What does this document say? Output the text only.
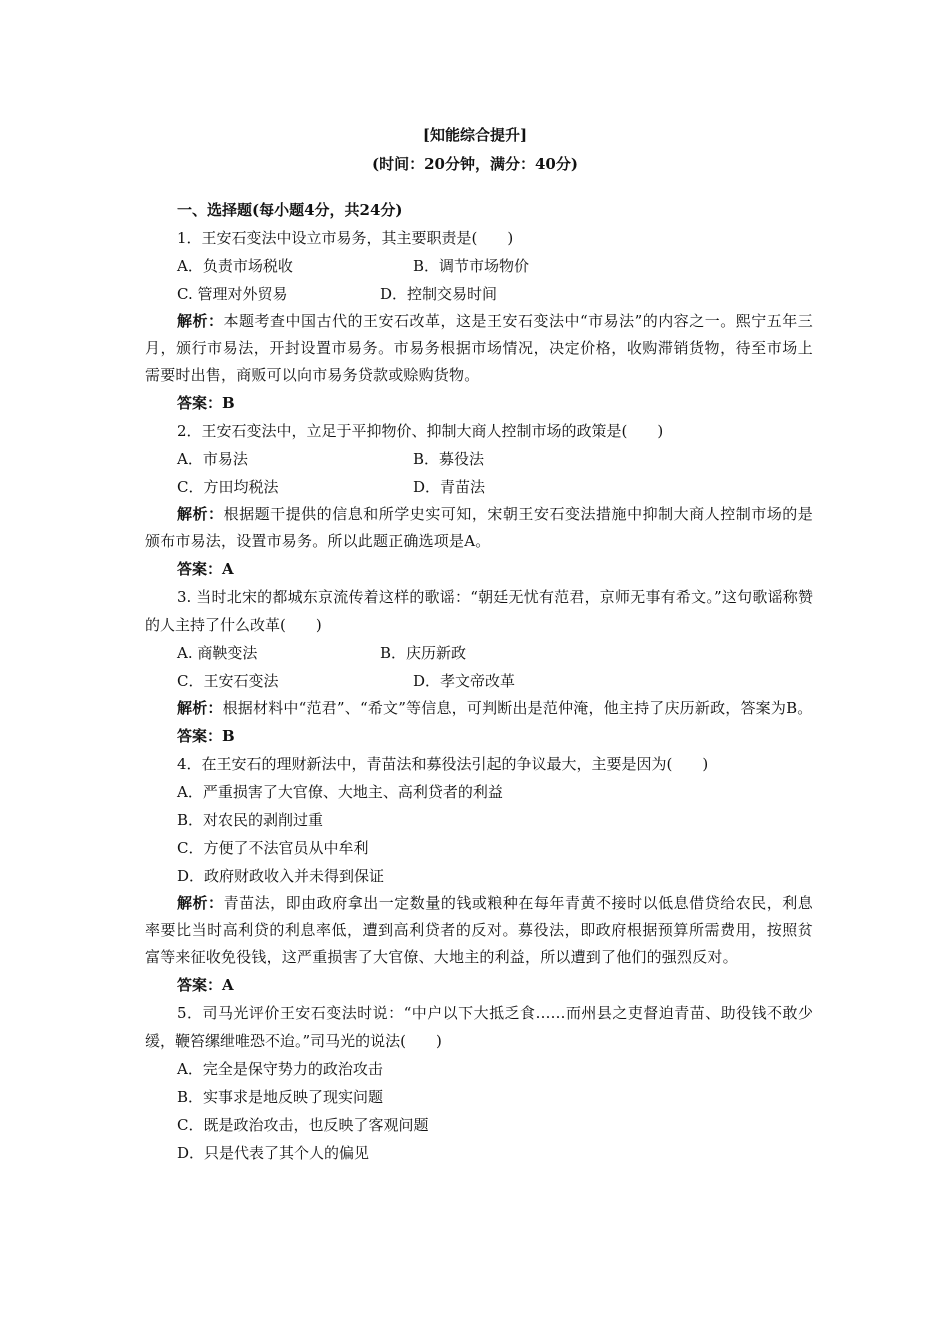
[知能综合提升]
(时间：20分钟，满分：40分)
一、选择题(每小题4分，共24分)
1．王安石变法中设立市易务，其主要职责是(　　)
A．负责市场税收	B．调节市场物价
C. 管理对外贸易	D．控制交易时间
解析：本题考查中国古代的王安石改革，这是王安石变法中“市易法”的内容之一。熙宁五年三月，颁行市易法，开封设置市易务。市易务根据市场情况，决定价格，收购滞销货物，待至市场上需要时出售，商贩可以向市易务贷款或赊购货物。
答案：B
2．王安石变法中，立足于平抑物价、抑制大商人控制市场的政策是(　　)
A．市易法	B．募役法
C．方田均税法	D．青苗法
解析：根据题干提供的信息和所学史实可知，宋朝王安石变法措施中抑制大商人控制市场的是颁布市易法，设置市易务。所以此题正确选项是A。
答案：A
3. 当时北宋的都城东京流传着这样的歌谣：“朝廷无忧有范君，京师无事有希文。”这句歌谣称赞的人主持了什么改革(　　)
A. 商鞅变法	B．庆历新政
C．王安石变法	D．孝文帝改革
解析：根据材料中“范君”、“希文”等信息，可判断出是范仲淹，他主持了庆历新政，答案为B。
答案：B
4．在王安石的理财新法中，青苗法和募役法引起的争议最大，主要是因为(　　)
A．严重损害了大官僚、大地主、高利贷者的利益
B．对农民的剥削过重
C．方便了不法官员从中牟利
D．政府财政收入并未得到保证
解析：青苗法，即由政府拿出一定数量的钱或粮种在每年青黄不接时以低息借贷给农民，利息率要比当时高利贷的利息率低，遭到高利贷者的反对。募役法，即政府根据预算所需费用，按照贫富等来征收免役钱，这严重损害了大官僚、大地主的利益，所以遭到了他们的强烈反对。
答案：A
5．司马光评价王安石变法时说：“中户以下大抵乏食……而州县之吏督迫青苗、助役钱不敢少缓，鞭笞缧绁唯恐不迨。”司马光的说法(　　)
A．完全是保守势力的政治攻击
B．实事求是地反映了现实问题
C．既是政治攻击，也反映了客观问题
D．只是代表了其个人的偏见
